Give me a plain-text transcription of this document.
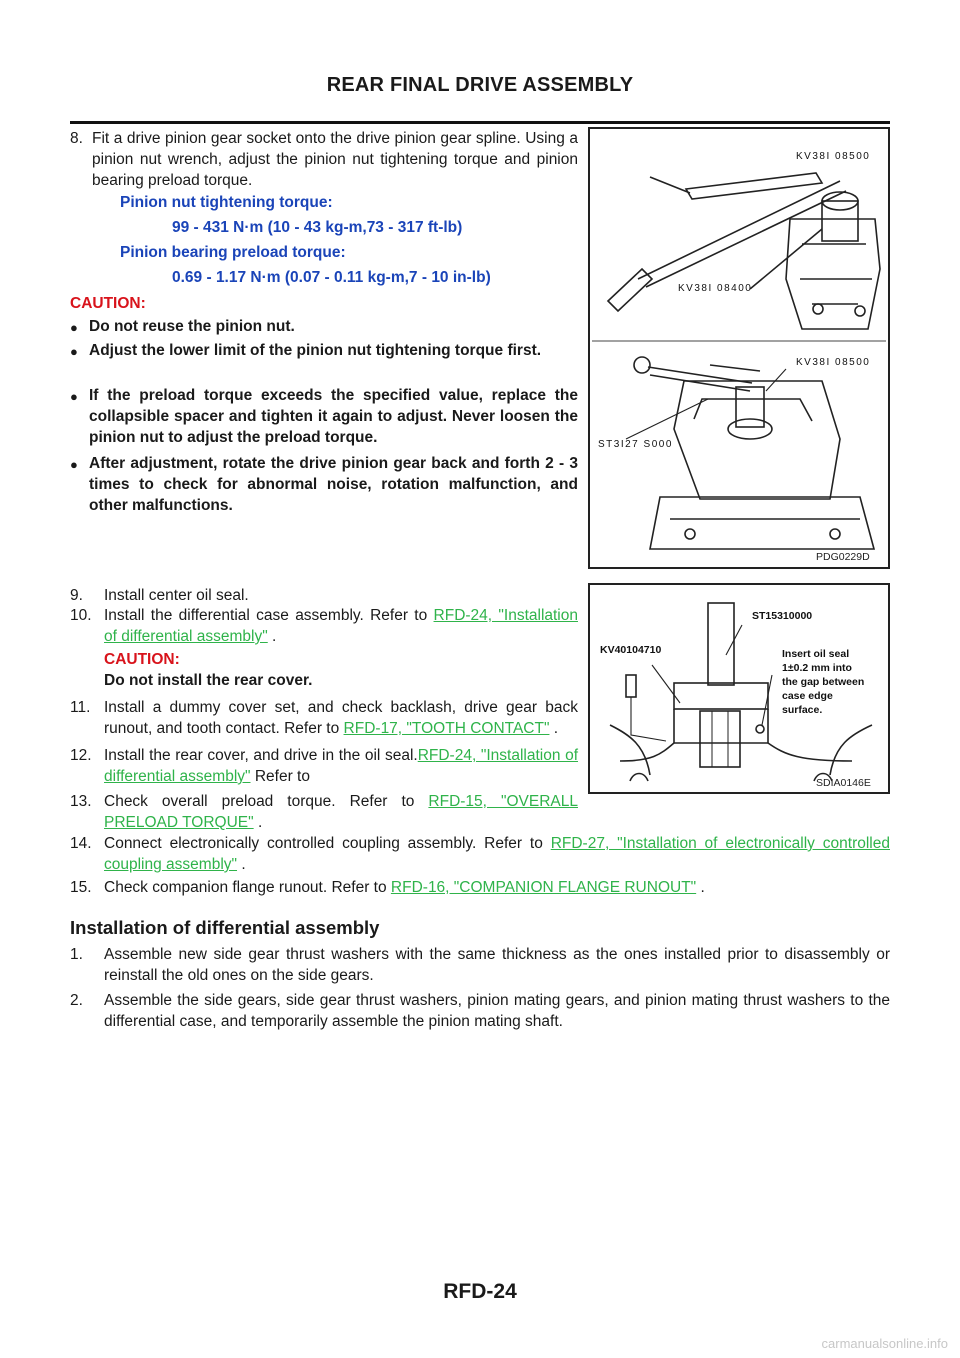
REAR FINAL DRIVE ASSEMBLY
8. Fit a drive pinion gear socket onto the drive pinion gear spline. Using a pinion nut wrench, adjust the pinion nut tightening torque and pinion bearing preload torque.
Pinion nut tightening torque:
99 - 431 N·m (10 - 43 kg-m,73 - 317 ft-lb)
Pinion bearing preload torque:
0.69 - 1.17 N·m (0.07 - 0.11 kg-m,7 - 10 in-lb)
CAUTION:
● Do not reuse the pinion nut.
● Adjust the lower limit of the pinion nut tightening torque first.
● If the preload torque exceeds the specified value, replace the collapsible spacer and tighten it again to adjust. Never loosen the pinion nut to adjust the preload torque.
● After adjustment, rotate the drive pinion gear back and forth 2 - 3 times to check for abnormal noise, rotation malfunction, and other malfunctions.
KV38I 08500
KV38I 08400
KV38I 08500
ST3I27 S000
PDG0229D
9. Install center oil seal.
10. Install the differential case assembly. Refer to RFD-24, "Installation of differential assembly" .
CAUTION:
Do not install the rear cover.
11. Install a dummy cover set, and check backlash, drive gear back runout, and tooth contact. Refer to RFD-17, "TOOTH CONTACT" .
12. Install the rear cover, and drive in the oil seal.RFD-24, "Installation of differential assembly" Refer to
13. Check overall preload torque. Refer to RFD-15, "OVERALL PRELOAD TORQUE" .
ST15310000
KV40104710	Insert oil seal
1±0.2 mm into
the gap between
case edge
surface.
SDIA0146E
14. Connect electronically controlled coupling assembly. Refer to RFD-27, "Installation of electronically controlled coupling assembly" .
15. Check companion flange runout. Refer to RFD-16, "COMPANION FLANGE RUNOUT" .
Installation of differential assembly
1. Assemble new side gear thrust washers with the same thickness as the ones installed prior to disassembly or reinstall the old ones on the side gears.
2. Assemble the side gears, side gear thrust washers, pinion mating gears, and pinion mating thrust washers to the differential case, and temporarily assemble the pinion mating shaft.
RFD-24
carmanualsonline.info
